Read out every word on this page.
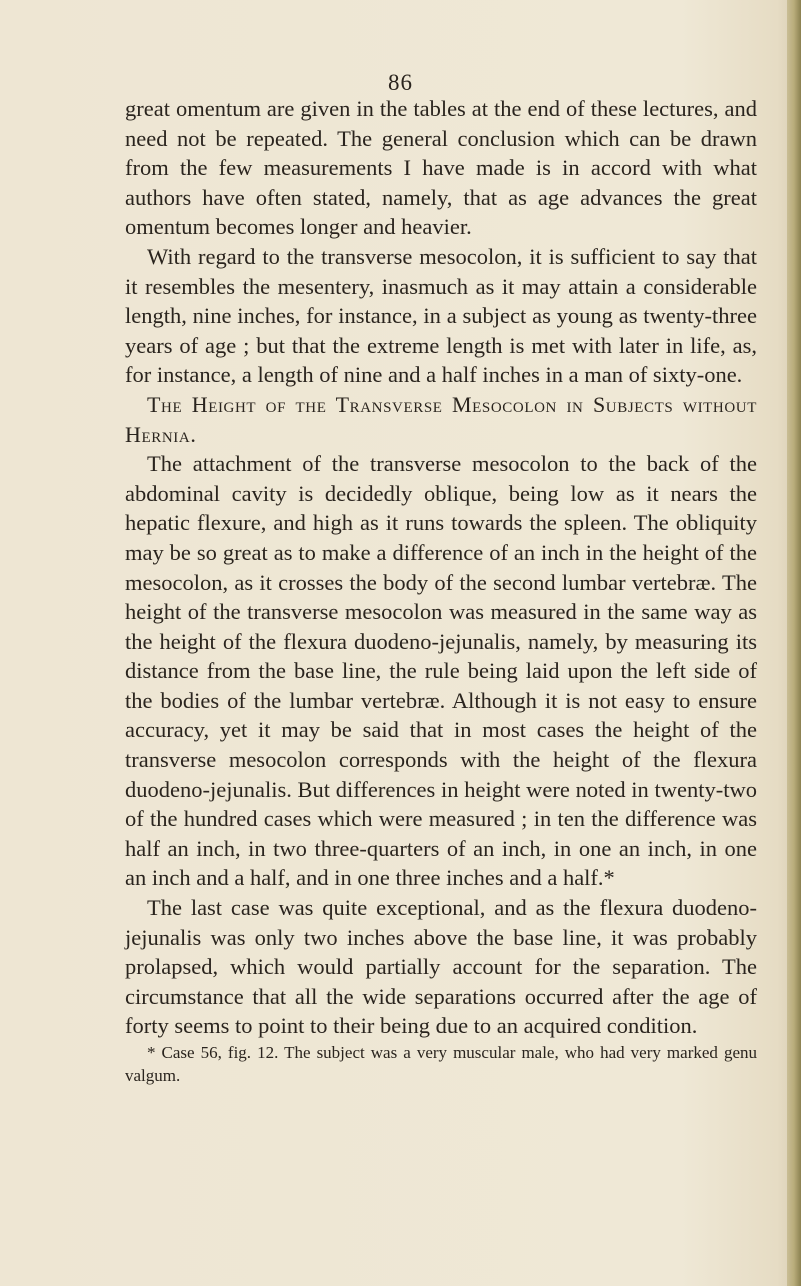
86

great omentum are given in the tables at the end of these lectures, and need not be repeated. The general conclusion which can be drawn from the few measurements I have made is in accord with what authors have often stated, namely, that as age advances the great omentum becomes longer and heavier.

With regard to the transverse mesocolon, it is sufficient to say that it resembles the mesentery, inasmuch as it may attain a considerable length, nine inches, for instance, in a subject as young as twenty-three years of age ; but that the extreme length is met with later in life, as, for instance, a length of nine and a half inches in a man of sixty-one.

The Height of the Transverse Mesocolon in Subjects without Hernia.

The attachment of the transverse mesocolon to the back of the abdominal cavity is decidedly oblique, being low as it nears the hepatic flexure, and high as it runs towards the spleen. The obliquity may be so great as to make a difference of an inch in the height of the mesocolon, as it crosses the body of the second lumbar vertebræ. The height of the transverse mesocolon was measured in the same way as the height of the flexura duodeno-jejunalis, namely, by measuring its distance from the base line, the rule being laid upon the left side of the bodies of the lumbar vertebræ. Although it is not easy to ensure accuracy, yet it may be said that in most cases the height of the transverse mesocolon corresponds with the height of the flexura duodeno-jejunalis. But differences in height were noted in twenty-two of the hundred cases which were measured ; in ten the difference was half an inch, in two three-quarters of an inch, in one an inch, in one an inch and a half, and in one three inches and a half.*

The last case was quite exceptional, and as the flexura duodeno-jejunalis was only two inches above the base line, it was probably prolapsed, which would partially account for the separation. The circumstance that all the wide separations occurred after the age of forty seems to point to their being due to an acquired condition.

* Case 56, fig. 12. The subject was a very muscular male, who had very marked genu valgum.
